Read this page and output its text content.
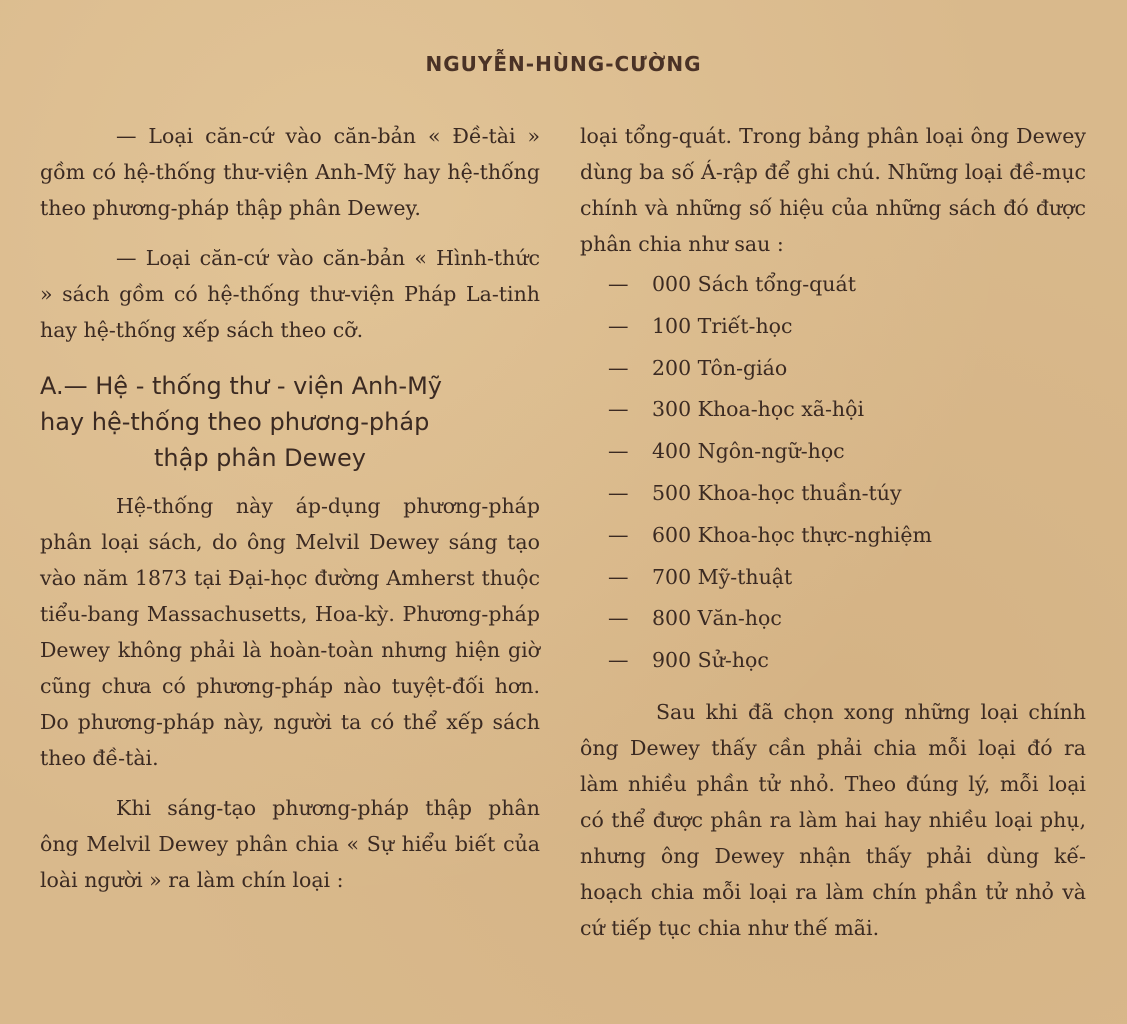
NGUYỄN-HÙNG-CƯỜNG

— Loại căn-cứ vào căn-bản « Đề-tài » gồm có hệ-thống thư-viện Anh-Mỹ hay hệ-thống theo phương-pháp thập phân Dewey.

— Loại căn-cứ vào căn-bản « Hình-thức » sách gồm có hệ-thống thư-viện Pháp La-tinh hay hệ-thống xếp sách theo cỡ.

A.— Hệ - thống thư - viện Anh-Mỹ
hay hệ-thống theo phương-pháp
thập phân Dewey

Hệ-thống này áp-dụng phương-pháp phân loại sách, do ông Melvil Dewey sáng tạo vào năm 1873 tại Đại-học đường Amherst thuộc tiểu-bang Massachusetts, Hoa-kỳ. Phương-pháp Dewey không phải là hoàn-toàn nhưng hiện giờ cũng chưa có phương-pháp nào tuyệt-đối hơn. Do phương-pháp này, người ta có thể xếp sách theo đề-tài.

Khi sáng-tạo phương-pháp thập phân ông Melvil Dewey phân chia « Sự hiểu biết của loài người » ra làm chín loại :

loại tổng-quát. Trong bảng phân loại ông Dewey dùng ba số Á-rập để ghi chú. Những loại đề-mục chính và những số hiệu của những sách đó được phân chia như sau :

— 000 Sách tổng-quát
— 100 Triết-học
— 200 Tôn-giáo
— 300 Khoa-học xã-hội
— 400 Ngôn-ngữ-học
— 500 Khoa-học thuần-túy
— 600 Khoa-học thực-nghiệm
— 700 Mỹ-thuật
— 800 Văn-học
— 900 Sử-học

Sau khi đã chọn xong những loại chính ông Dewey thấy cần phải chia mỗi loại đó ra làm nhiều phần tử nhỏ. Theo đúng lý, mỗi loại có thể được phân ra làm hai hay nhiều loại phụ, nhưng ông Dewey nhận thấy phải dùng kế-hoạch chia mỗi loại ra làm chín phần tử nhỏ và cứ tiếp tục chia như thế mãi.
